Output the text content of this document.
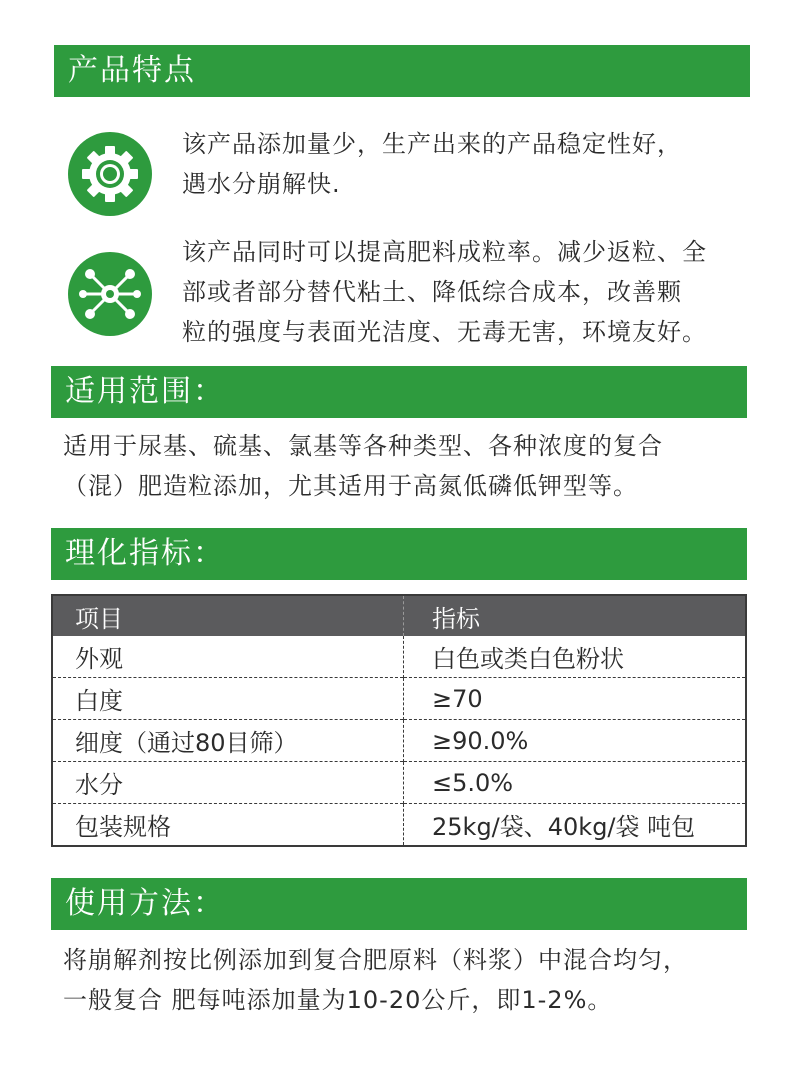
产品特点
该产品添加量少，生产出来的产品稳定性好，
遇水分崩解快.
该产品同时可以提高肥料成粒率。减少返粒、全
部或者部分替代粘土、降低综合成本，改善颗
粒的强度与表面光洁度、无毒无害，环境友好。
适用范围：
适用于尿基、硫基、氯基等各种类型、各种浓度的复合
（混）肥造粒添加，尤其适用于高氮低磷低钾型等。
理化指标：
项目	指标
外观	白色或类白色粉状
白度	≥70
细度（通过80目筛）	≥90.0%
水分	≤5.0%
包装规格	25kg/袋、40kg/袋 吨包
使用方法：
将崩解剂按比例添加到复合肥原料（料浆）中混合均匀，
一般复合 肥每吨添加量为10-20公斤，即1-2%。
